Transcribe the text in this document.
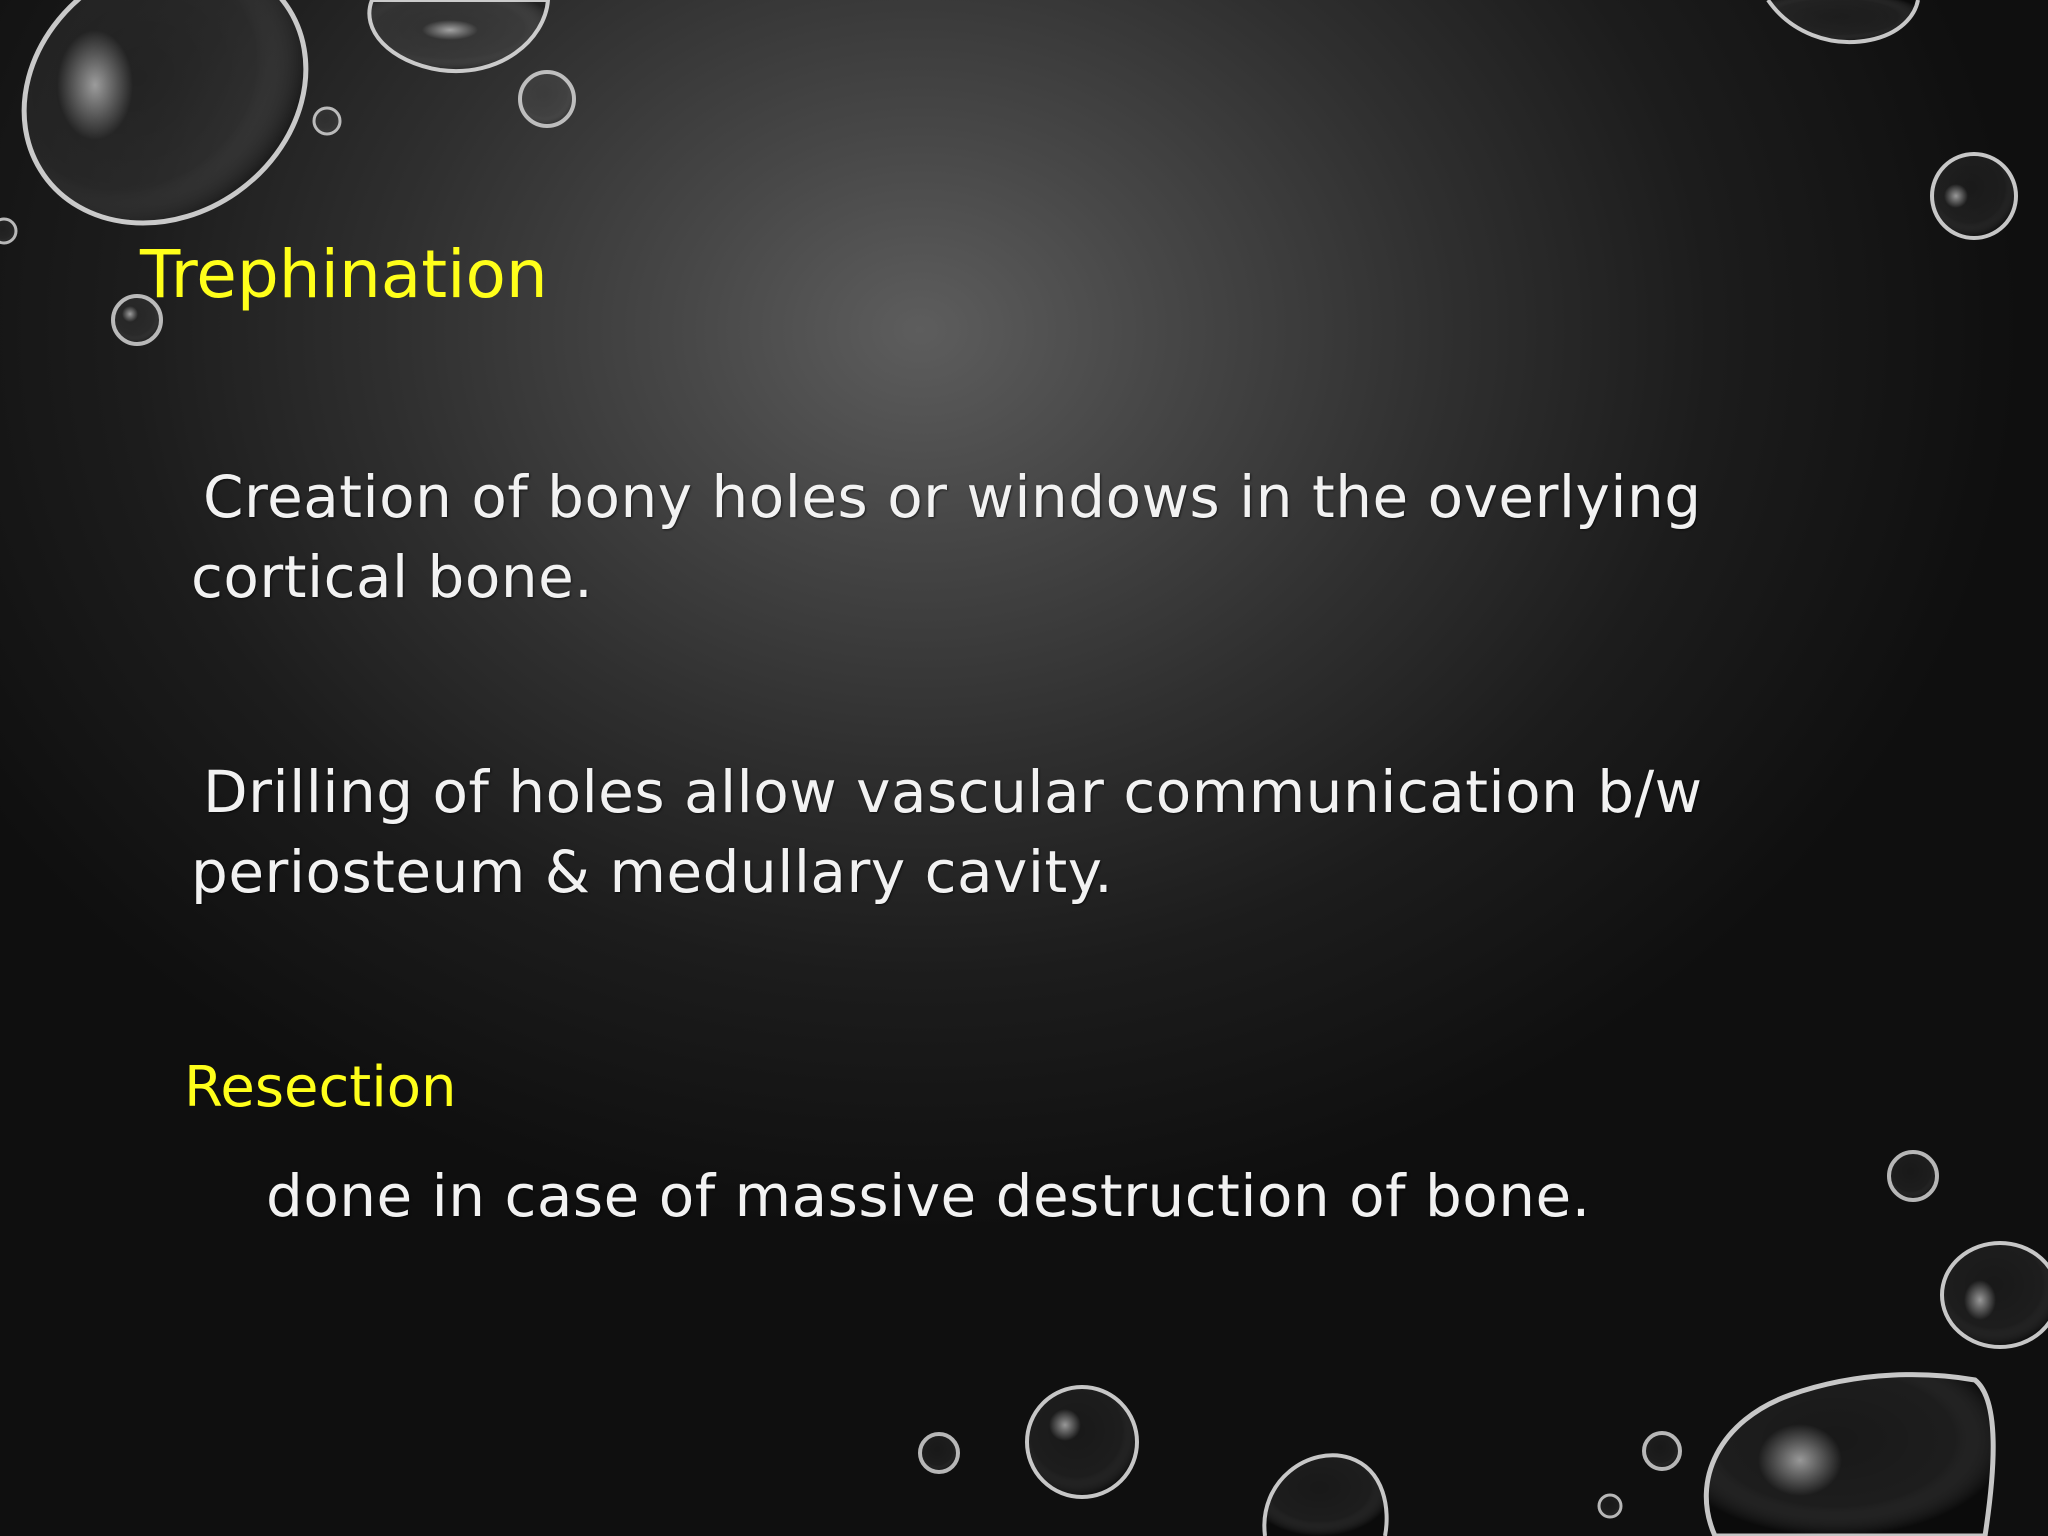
Trephination

Creation of bony holes or windows in the overlying

cortical bone.

Drilling of holes allow vascular communication b/w

periosteum & medullary cavity.

Resection

done in case of massive destruction of bone.
